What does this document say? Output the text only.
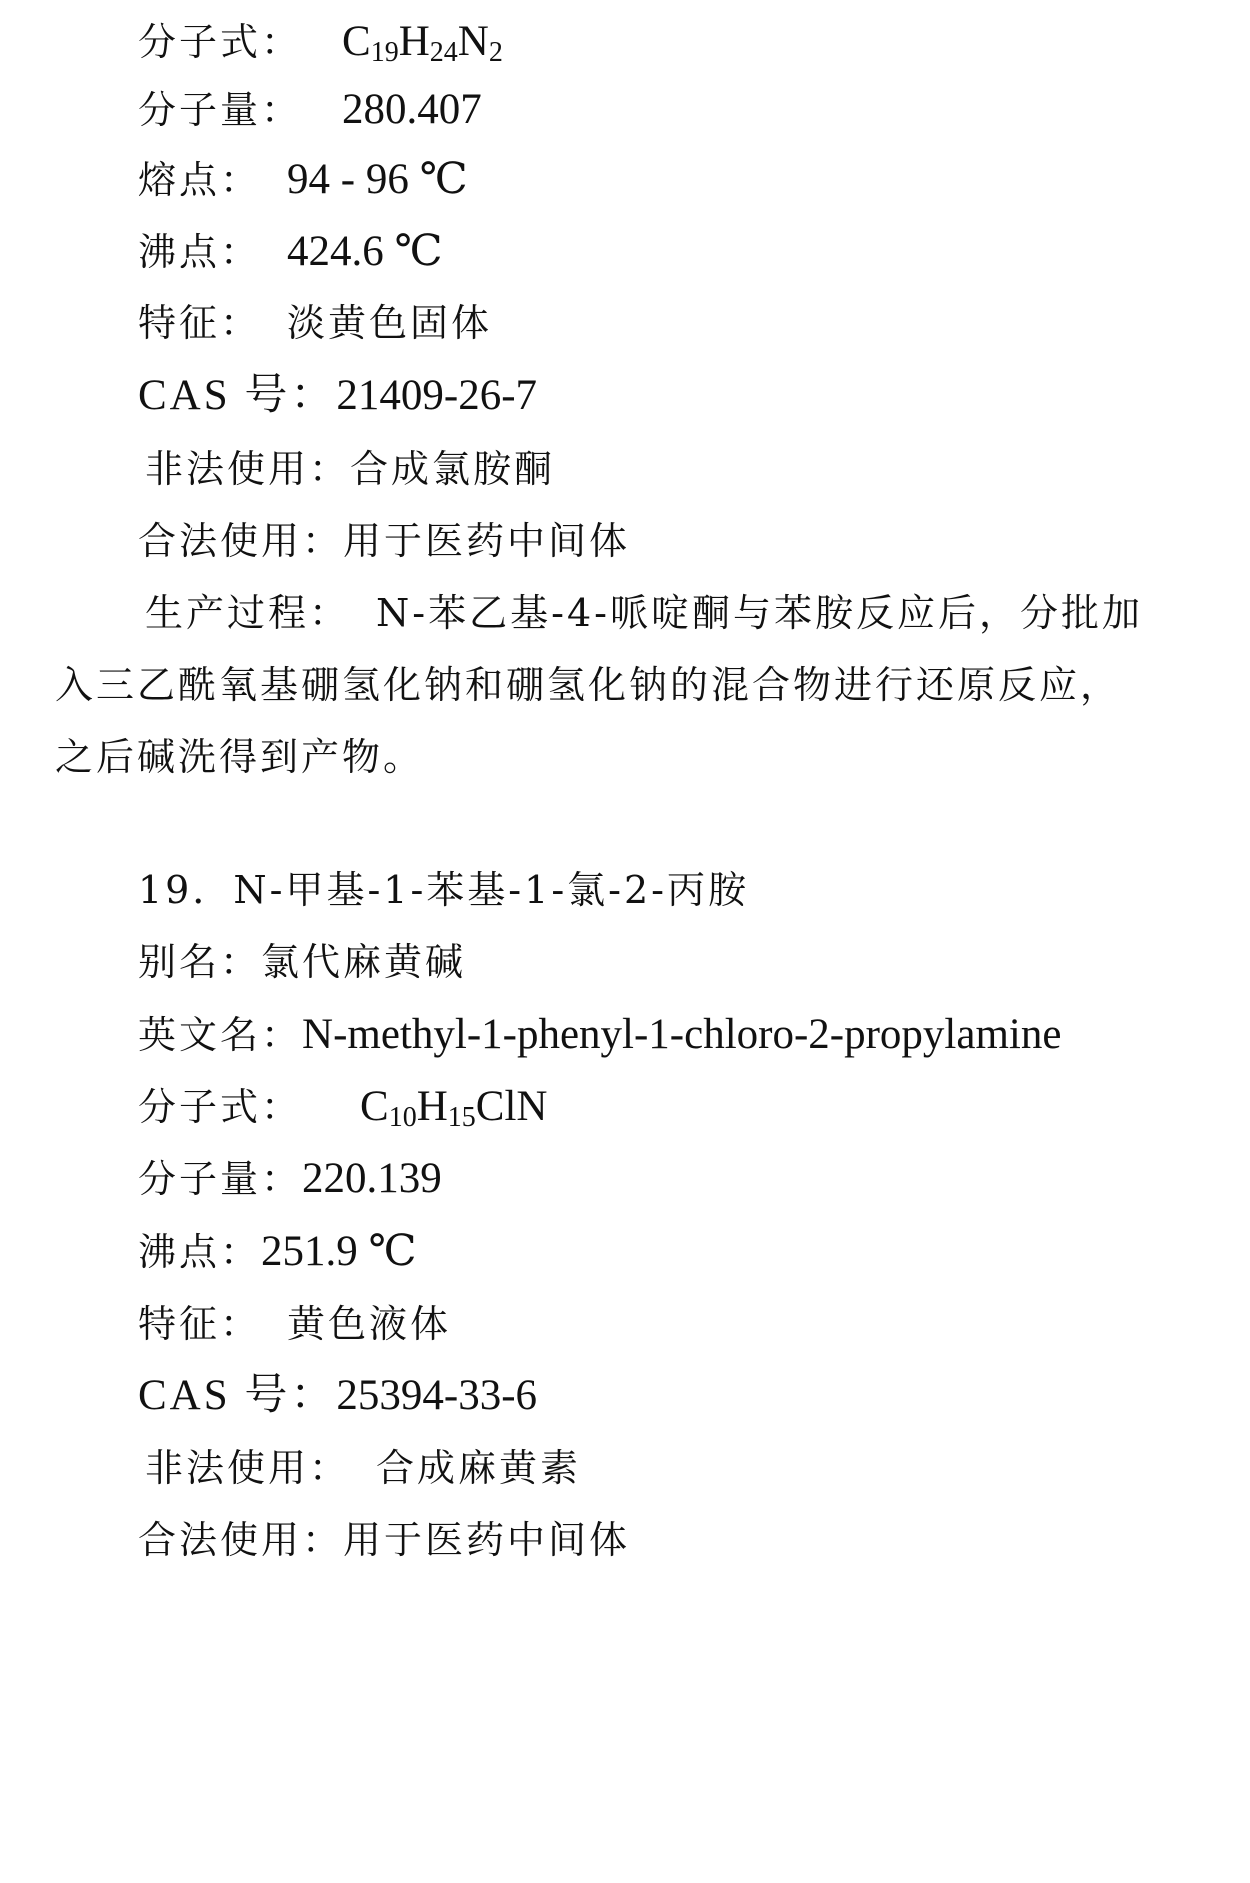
分子式： $C_{19}H_{24}N_2$
分子量： 280.407
熔点： 94 - 96 ℃
沸点： 424.6 ℃
特征： 淡黄色固体
CAS 号：21409-26-7
非法使用：合成氯胺酮
合法使用：用于医药中间体
生产过程： N-苯乙基-4-哌啶酮与苯胺反应后，分批加
入三乙酰氧基硼氢化钠和硼氢化钠的混合物进行还原反应，
之后碱洗得到产物。
19．N-甲基-1-苯基-1-氯-2-丙胺
别名：氯代麻黄碱
英文名：N-methyl-1-phenyl-1-chloro-2-propylamine
分子式： $C_{10}H_{15}ClN$
分子量：220.139
沸点：251.9 ℃
特征： 黄色液体
CAS 号：25394-33-6
非法使用： 合成麻黄素
合法使用：用于医药中间体
